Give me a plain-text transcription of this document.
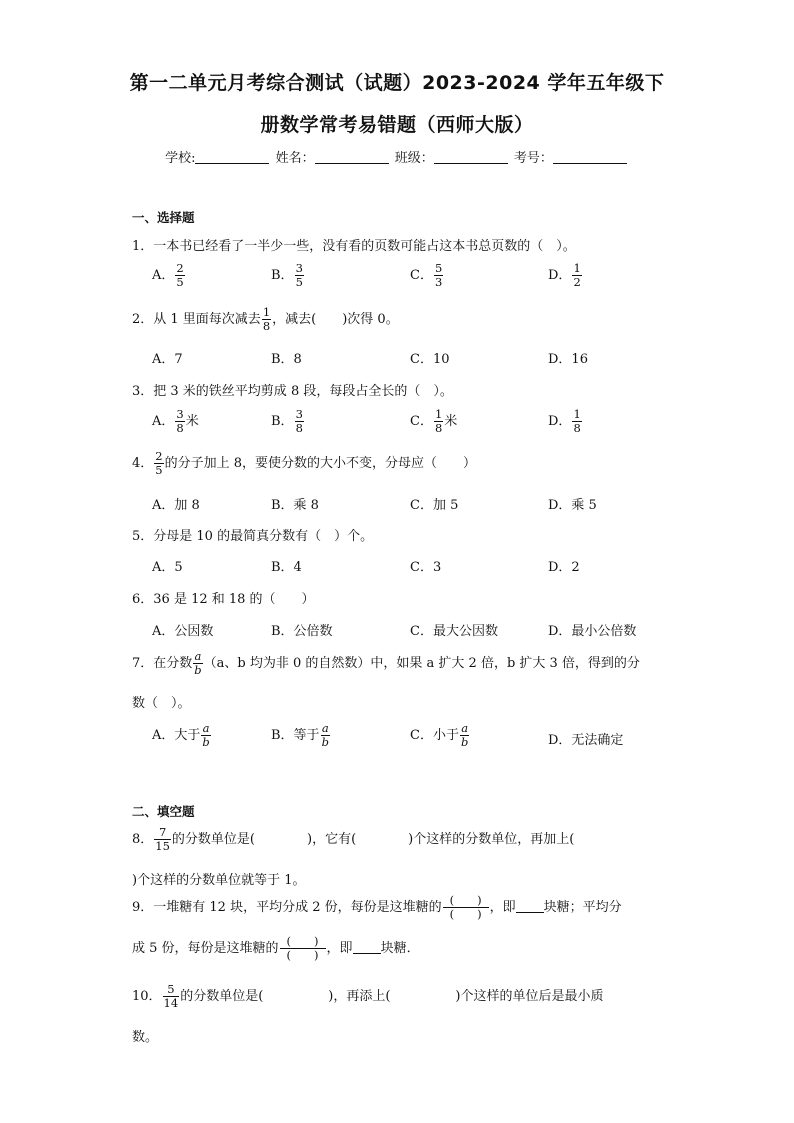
第一二单元月考综合测试（试题）2023-2024 学年五年级下
册数学常考易错题（西师大版）
学校:	姓名：	班级：	考号：
一、选择题
1．一本书已经看了一半少一些，没有看的页数可能占这本书总页数的（　）。
A． $\frac{2}{5}$	B． $\frac{3}{5}$	C． $\frac{5}{3}$	D． $\frac{1}{2}$
2．从 1 里面每次减去 $\frac{1}{8}$ ，减去(　　)次得 0。
A．7	B．8	C．10	D．16
3．把 3 米的铁丝平均剪成 8 段，每段占全长的（　）。
A． $\frac{3}{8}$ 米	B． $\frac{3}{8}$	C． $\frac{1}{8}$ 米	D． $\frac{1}{8}$
4． $\frac{2}{5}$ 的分子加上 8，要使分数的大小不变，分母应（　　）
A．加 8	B．乘 8	C．加 5	D．乘 5
5．分母是 10 的最简真分数有（　）个。
A．5	B．4	C．3	D．2
6．36 是 12 和 18 的（　　）
A．公因数	B．公倍数	C．最大公因数	D．最小公倍数
7．在分数 $\frac{a}{b} (a$、b 均为非 0 的自然数）中，如果 a 扩大 2 倍，b 扩大 3 倍，得到的分
数（　）。
A．大于 $\frac{a}{b}$	B．等于 $\frac{a}{b}$	C．小于 $\frac{a}{b}$	D．无法确定
二、填空题
8． $\frac{7}{15}$ 的分数单位是(　　　　)，它有(　　　　)个这样的分数单位，再加上(
)个这样的分数单位就等于 1。
9．一堆糖有 12 块，平均分成 2 份，每份是这堆糖的 $\frac{( )}{( )}$ ，即 块糖；平均分
成 5 份，每份是这堆糖的 $\frac{( )}{( )}$ ，即 块糖．
10． $\frac{5}{14}$ 的分数单位是(　　　　　)，再添上(　　　　　)个这样的单位后是最小质
数。
